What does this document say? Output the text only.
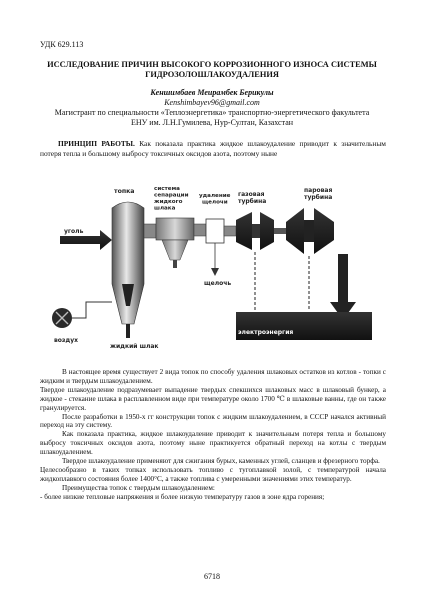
УДК 629.113
ИССЛЕДОВАНИЕ ПРИЧИН ВЫСОКОГО КОРРОЗИОННОГО ИЗНОСА СИСТЕМЫ ГИДРОЗОЛОШЛАКОУДАЛЕНИЯ
Кеншимбаев Меирамбек Берикулы
Kenshimbayev96@gmail.com
Магистрант по специальности «Теплоэнергетика» транспортно-энергетического факультета
ЕНУ им. Л.Н.Гумилева, Нур-Султан, Казахстан
ПРИНЦИП РАБОТЫ. Как показала практика жидкое шлакоудаление приводит к значительным потеря тепла и большому выбросу токсичных оксидов азота, поэтому ныне
топка	система
сепарации
жидкого
шлака
удаление
щелочи
газовая
турбина
паровая
турбина
уголь
жидкий шлак
воздух
щелочь
электроэнергия

В настоящее время существует 2 вида топок по способу удаления шлаковых остатков из котлов - топки с жидким и твердым шлакоудалением.

Твердое шлакоудаление подразумевает выпадение твердых спекшихся шлаковых масс в шлаковый бункер, а жидкое - стекание шлака в расплавленном виде при температуре около 1700 ℃ в шлаковые ванны, где он также гранулируется.

После разработки в 1950-х гг конструкции топок с жидким шлакоудалением, в СССР начался активный переход на эту систему.

Как показала практика, жидкое шлакоудаление приводит к значительным потеря тепла и большому выбросу токсичных оксидов азота, поэтому ныне практикуется обратный переход на котлы с твердым шлакоудалением.

Твердое шлакоудаление применяют для сжигания бурых, каменных углей, сланцев и фрезерного торфа.

Целесообразно в таких топках использовать топливо с тугоплавкой золой, с температурой начала жидкоплавкого состояния более 1400°С, а также топлива с умеренными значениями этих температур.

Преимущества топок с твердым шлакоудалением:

- более низкие тепловые напряжения и более низкую температуру газов в зоне ядра горения;

6718
